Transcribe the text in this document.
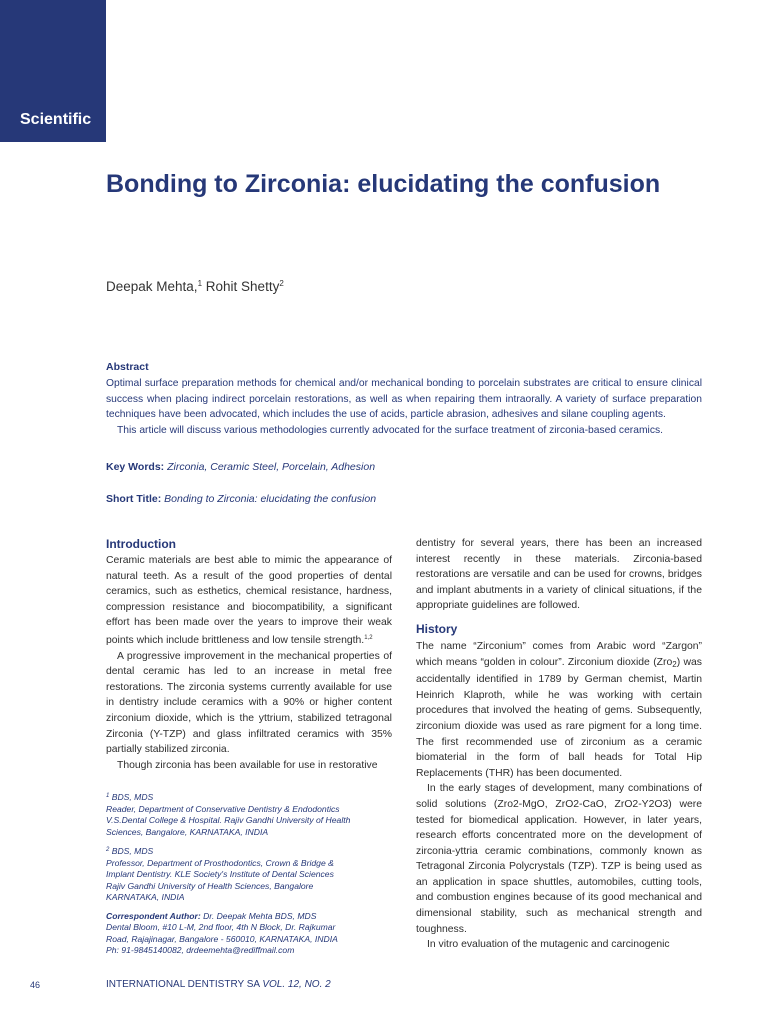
Scientific
Bonding to Zirconia: elucidating the confusion
Deepak Mehta,$^1$ Rohit Shetty$^2$
Abstract

Optimal surface preparation methods for chemical and/or mechanical bonding to porcelain substrates are critical to ensure clinical success when placing indirect porcelain restorations, as well as when repairing them intraorally. A variety of surface preparation techniques have been advocated, which includes the use of acids, particle abrasion, adhesives and silane coupling agents.

This article will discuss various methodologies currently advocated for the surface treatment of zirconia-based ceramics.

Key Words: Zirconia, Ceramic Steel, Porcelain, Adhesion
Short Title: Bonding to Zirconia: elucidating the confusion
Introduction

Ceramic materials are best able to mimic the appearance of natural teeth. As a result of the good properties of dental ceramics, such as esthetics, chemical resistance, hardness, compression resistance and biocompatibility, a significant effort has been made over the years to improve their weak points which include brittleness and low tensile strength.$^{1,2}$

A progressive improvement in the mechanical properties of dental ceramic has led to an increase in metal free restorations. The zirconia systems currently available for use in dentistry include ceramics with a 90% or higher content zirconium dioxide, which is the yttrium, stabilized tetragonal Zirconia (Y-TZP) and glass infiltrated ceramics with 35% partially stabilized zirconia.

Though zirconia has been available for use in restorative

dentistry for several years, there has been an increased interest recently in these materials. Zirconia-based restorations are versatile and can be used for crowns, bridges and implant abutments in a variety of clinical situations, if the appropriate guidelines are followed.

History

The name “Zirconium” comes from Arabic word “Zargon” which means “golden in colour”. Zirconium dioxide (Zro2) was accidentally identified in 1789 by German chemist, Martin Heinrich Klaproth, while he was working with certain procedures that involved the heating of gems. Subsequently, zirconium dioxide was used as rare pigment for a long time. The first recommended use of zirconium as a ceramic biomaterial in the form of ball heads for Total Hip Replacements (THR) has been documented.

In the early stages of development, many combinations of solid solutions (Zro2-MgO, ZrO2-CaO, ZrO2-Y2O3) were tested for biomedical application. However, in later years, research efforts concentrated more on the development of zirconia-yttria ceramic combinations, commonly known as Tetragonal Zirconia Polycrystals (TZP). TZP is being used as an application in space shuttles, automobiles, cutting tools, and combustion engines because of its good mechanical and dimensional stability, such as mechanical strength and toughness.

In vitro evaluation of the mutagenic and carcinogenic

$^1$ BDS, MDS
Reader, Department of Conservative Dentistry & Endodontics
V.S.Dental College & Hospital. Rajiv Gandhi University of Health
Sciences, Bangalore, KARNATAKA, INDIA
$^2$ BDS, MDS
Professor, Department of Prosthodontics, Crown & Bridge &
Implant Dentistry. KLE Society's Institute of Dental Sciences
Rajiv Gandhi University of Health Sciences, Bangalore
KARNATAKA, INDIA
Correspondent Author: Dr. Deepak Mehta BDS, MDS
Dental Bloom, #10 L-M, 2nd floor, 4th N Block, Dr. Rajkumar
Road, Rajajinagar, Bangalore - 560010, KARNATAKA, INDIA
Ph: 91-9845140082, drdeemehta@rediffmail.com
46	INTERNATIONAL DENTISTRY SA VOL. 12, NO. 2
